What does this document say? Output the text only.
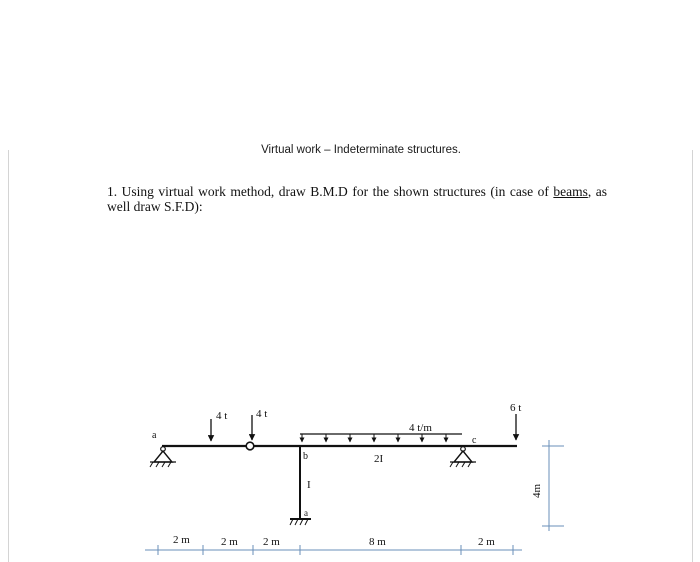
Virtual work – Indeterminate structures.
1. Using virtual work method, draw B.M.D for the shown structures (in case of beams, as well draw S.F.D):
a
b
c
a
4 t	4 t	6 t
4 t/m
2I
I
2 m	2 m 2 m	8 m	2 m
4m
